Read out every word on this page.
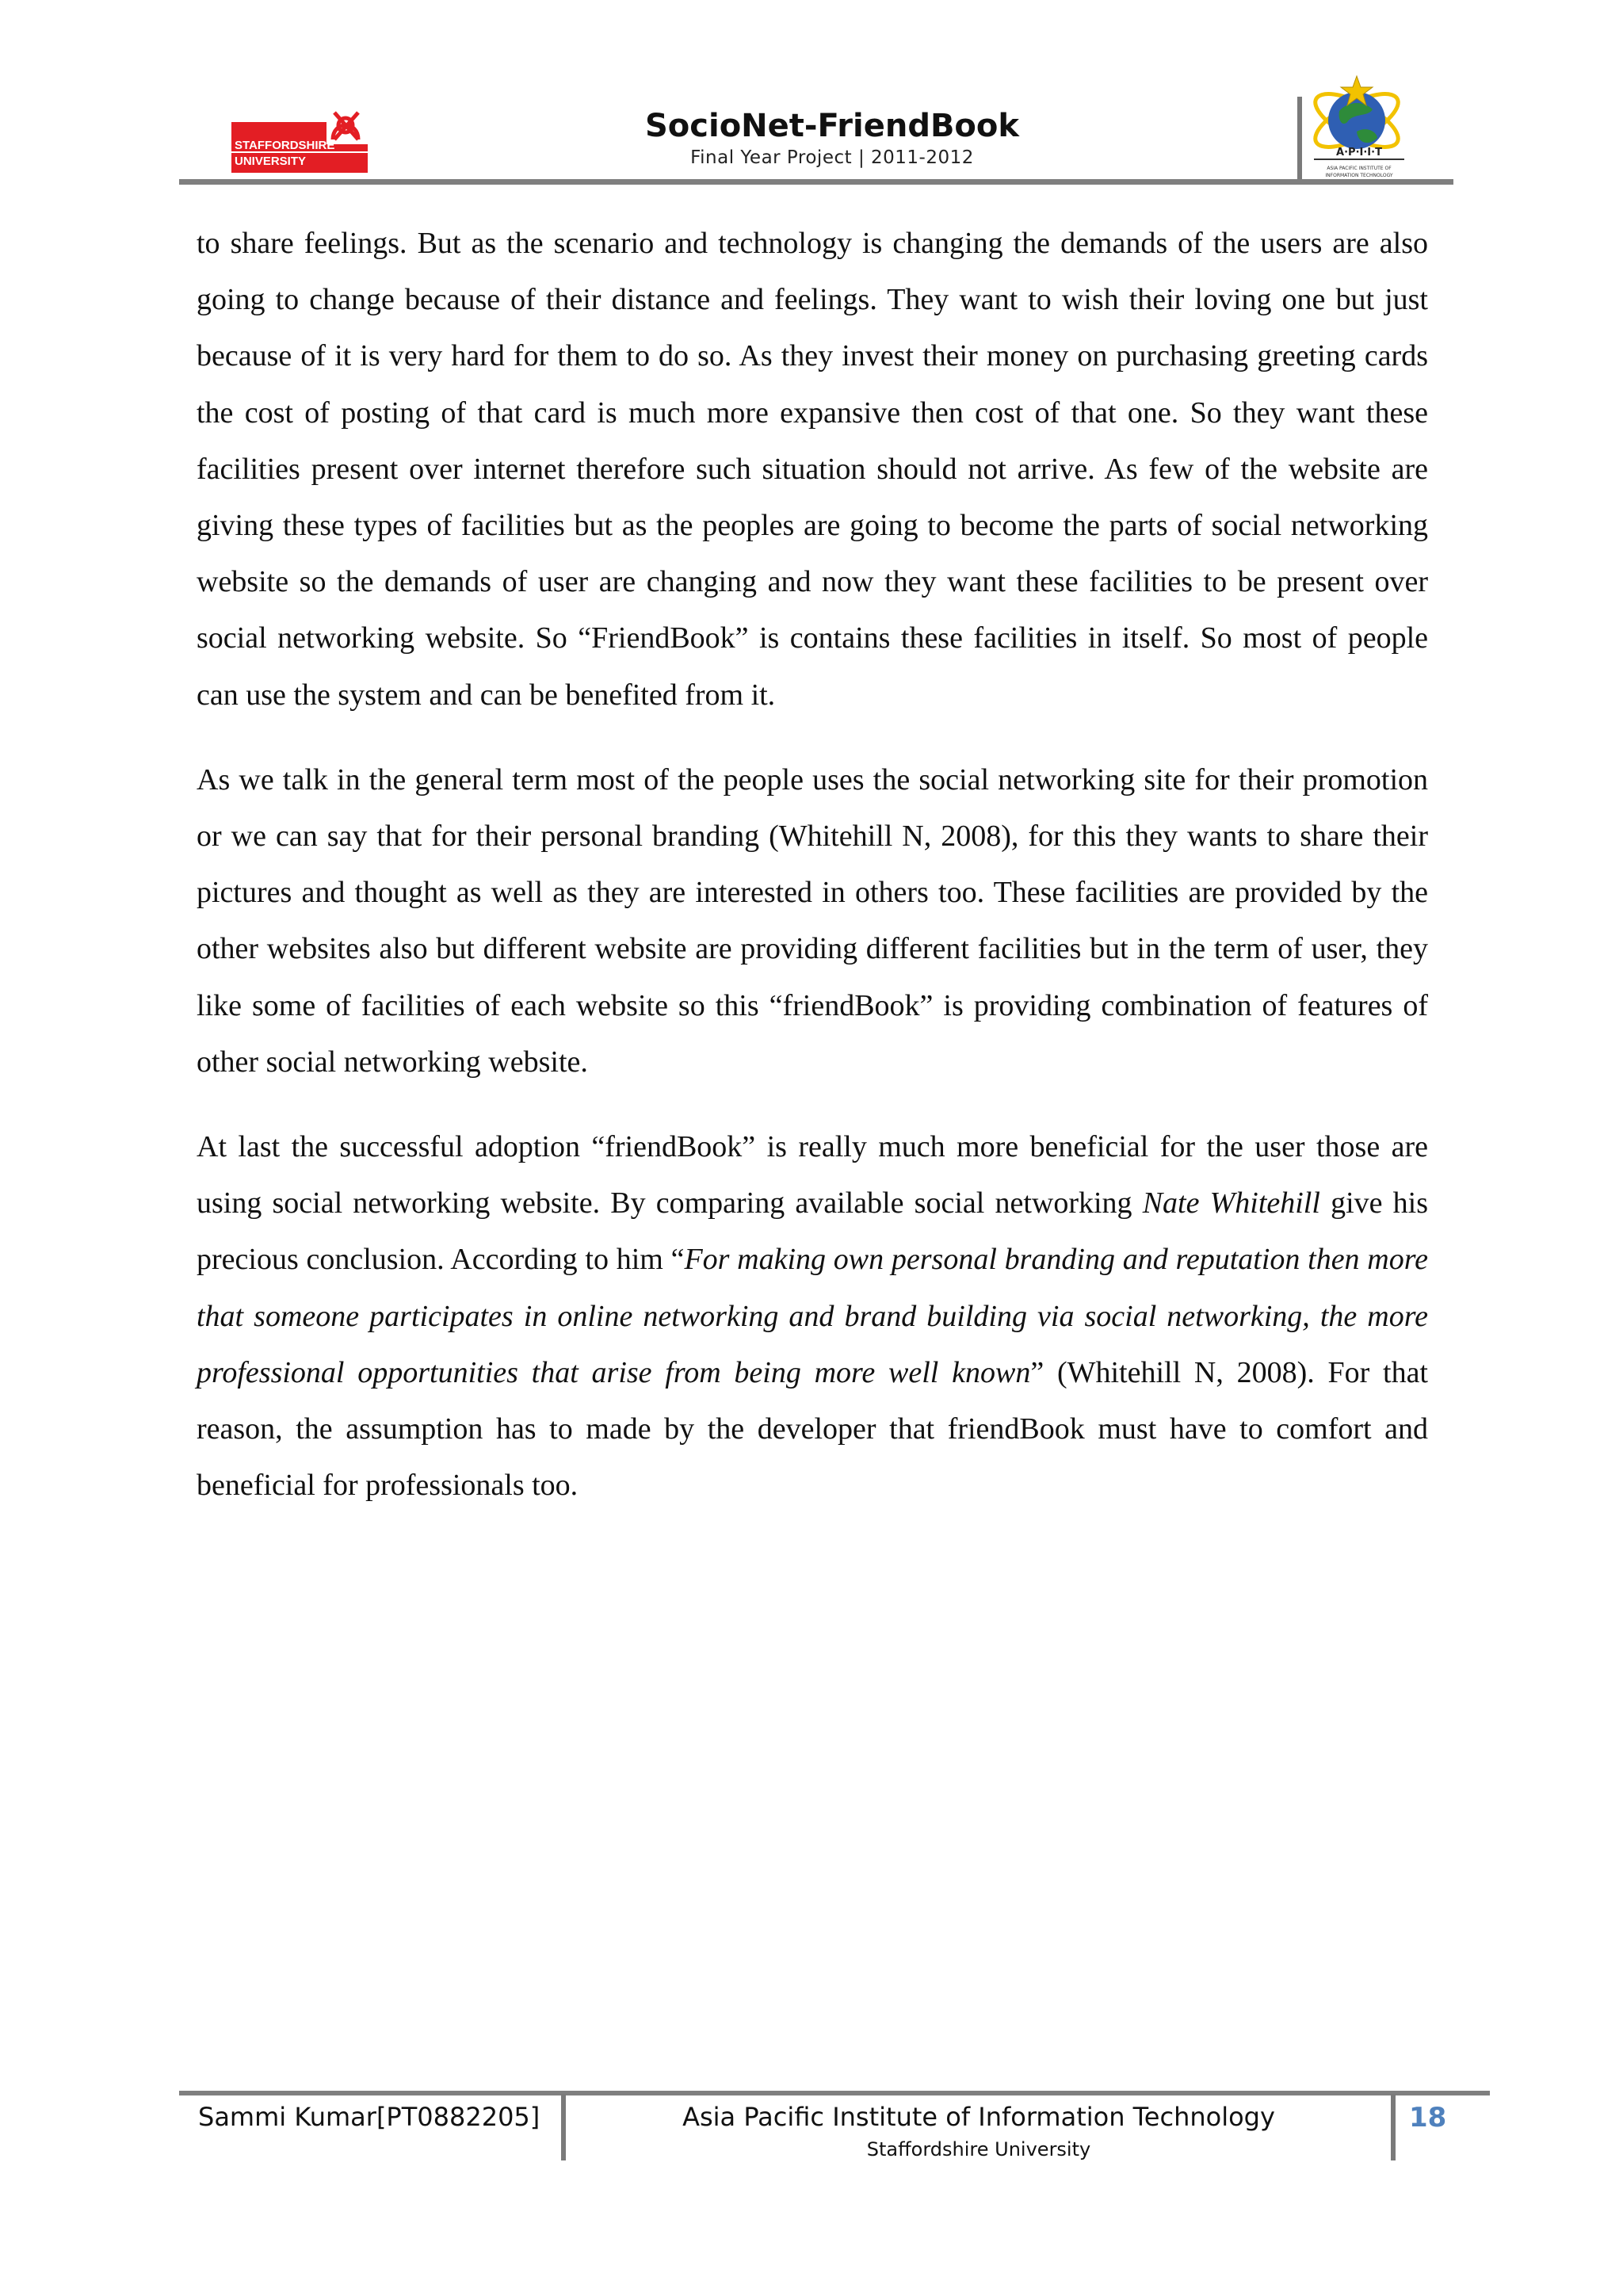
STAFFORDSHIRE
UNIVERSITY
SocioNet-FriendBook
Final Year Project | 2011-2012	A·P·I·I·T
ASIA PACIFIC INSTITUTE OF
INFORMATION TECHNOLOGY

to share feelings. But as the scenario and technology is changing the demands of the users are also going to change because of their distance and feelings. They want to wish their loving one but just because of it is very hard for them to do so. As they invest their money on purchasing greeting cards the cost of posting of that card is much more expansive then cost of that one. So they want these facilities present over internet therefore such situation should not arrive. As few of the website are giving these types of facilities but as the peoples are going to become the parts of social networking website so the demands of user are changing and now they want these facilities to be present over social networking website. So “FriendBook” is contains these facilities in itself. So most of people can use the system and can be benefited from it.

As we talk in the general term most of the people uses the social networking site for their promotion or we can say that for their personal branding (Whitehill N, 2008), for this they wants to share their pictures and thought as well as they are interested in others too. These facilities are provided by the other websites also but different website are providing different facilities but in the term of user, they like some of facilities of each website so this “friendBook” is providing combination of features of other social networking website.

At last the successful adoption “friendBook” is really much more beneficial for the user those are using social networking website. By comparing available social networking Nate Whitehill give his precious conclusion. According to him “For making own personal branding and reputation then more that someone participates in online networking and brand building via social networking, the more professional opportunities that arise from being more well known” (Whitehill N, 2008). For that reason, the assumption has to made by the developer that friendBook must have to comfort and beneficial for professionals too.

Sammi Kumar[PT0882205]	Asia Pacific Institute of Information Technology
Staffordshire University
18
